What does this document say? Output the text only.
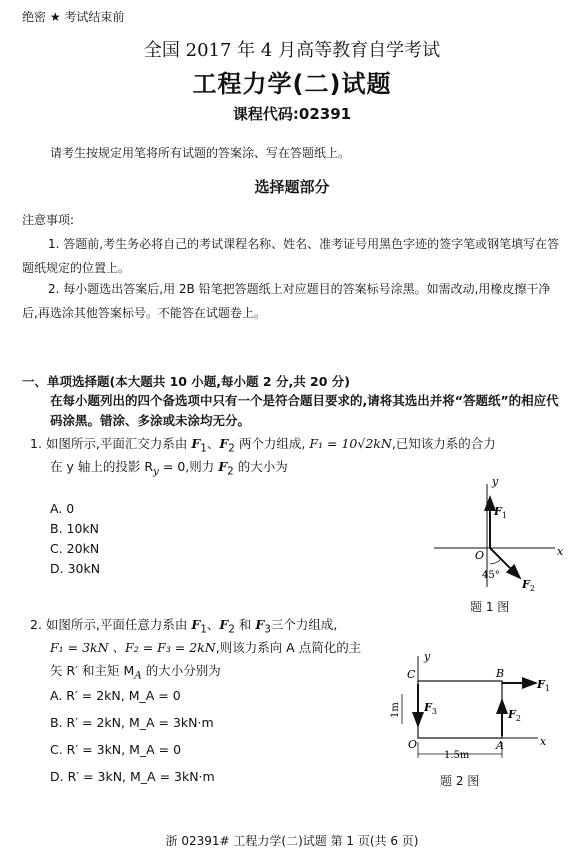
绝密 ★ 考试结束前
全国 2017 年 4 月高等教育自学考试
工程力学(二)试题
课程代码:02391
请考生按规定用笔将所有试题的答案涂、写在答题纸上。
选择题部分
注意事项:
1. 答题前,考生务必将自己的考试课程名称、姓名、准考证号用黑色字迹的签字笔或钢笔填写在答题纸规定的位置上。
2. 每小题选出答案后,用 2B 铅笔把答题纸上对应题目的答案标号涂黑。如需改动,用橡皮擦干净后,再选涂其他答案标号。不能答在试题卷上。
一、单项选择题(本大题共 10 小题,每小题 2 分,共 20 分)
在每小题列出的四个备选项中只有一个是符合题目要求的,请将其选出并将“答题纸”的相应代码涂黑。错涂、多涂或未涂均无分。
1. 如图所示,平面汇交力系由 $F_1$、$F_2$ 两个力组成, F₁ = 10√2kN,已知该力系的合力
在 y 轴上的投影 $R_y = 0$,则力 $F_2$ 的大小为
A. 0
B. 10kN
C. 20kN
D. 30kN
y
x
O
$F_1$
$F_2$
45°
题 1 图
2. 如图所示,平面任意力系由 $F_1$、$F_2$ 和 $F_3$三个力组成,
F₁ = 3kN 、F₂ = F₃ = 2kN,则该力系向 A 点简化的主
矢 R′ 和主矩 $M_A$ 的大小分别为
A. R′ = 2kN, M_A = 0
B. R′ = 2kN, M_A = 3kN·m
C. R′ = 3kN, M_A = 0
D. R′ = 3kN, M_A = 3kN·m
y
x
O
C	B
A
$F_1$
$F_2$
$F_3$
1m
1.5m
题 2 图
浙 02391# 工程力学(二)试题 第 1 页(共 6 页)
